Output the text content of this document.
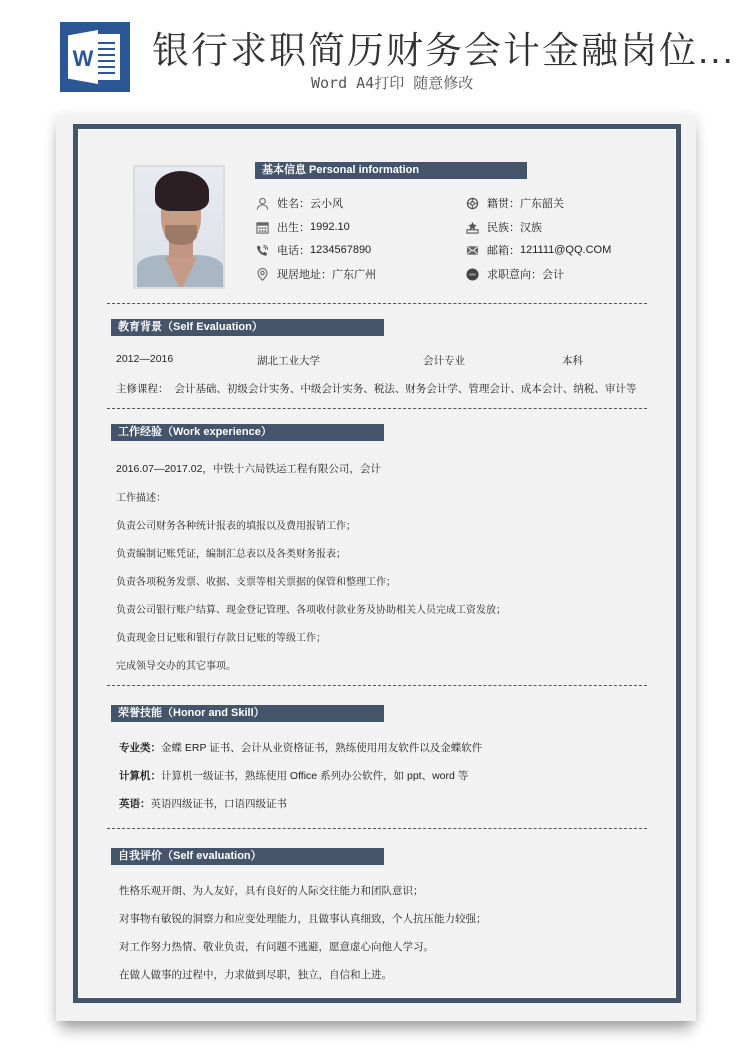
W 银行求职简历财务会计金融岗位...
Word A4打印 随意修改
基本信息 Personal information
姓名： 云小风
出生： 1992.10
电话： 1234567890
现居地址： 广东广州
籍贯： 广东韶关
民族： 汉族
邮箱： 121111@QQ.COM
求职意向： 会计
教育背景（Self Evaluation）
2012—2016	湖北工业大学	会计专业	本科
主修课程： 会计基础、初级会计实务、中级会计实务、税法、财务会计学、管理会计、成本会计、纳税、审计等
工作经验（Work experience）
2016.07—2017.02，中铁十六局铁运工程有限公司，会计
工作描述：
负责公司财务各种统计报表的填报以及费用报销工作；
负责编制记账凭证，编制汇总表以及各类财务报表；
负责各项税务发票、收据、支票等相关票据的保管和整理工作；
负责公司银行账户结算、现金登记管理、各项收付款业务及协助相关人员完成工资发放；
负责现金日记账和银行存款日记账的等级工作；
完成领导交办的其它事项。
荣誉技能（Honor and Skill）
专业类：金蝶 ERP 证书、会计从业资格证书，熟练使用用友软件以及金蝶软件
计算机：计算机一级证书，熟练使用 Office 系列办公软件，如 ppt、word 等
英语：英语四级证书，口语四级证书
自我评价（Self evaluation）
性格乐观开朗、为人友好，具有良好的人际交往能力和团队意识；
对事物有敏锐的洞察力和应变处理能力，且做事认真细致，个人抗压能力较强；
对工作努力热情、敬业负责，有问题不逃避，愿意虚心向他人学习。
在做人做事的过程中，力求做到尽职，独立，自信和上进。
